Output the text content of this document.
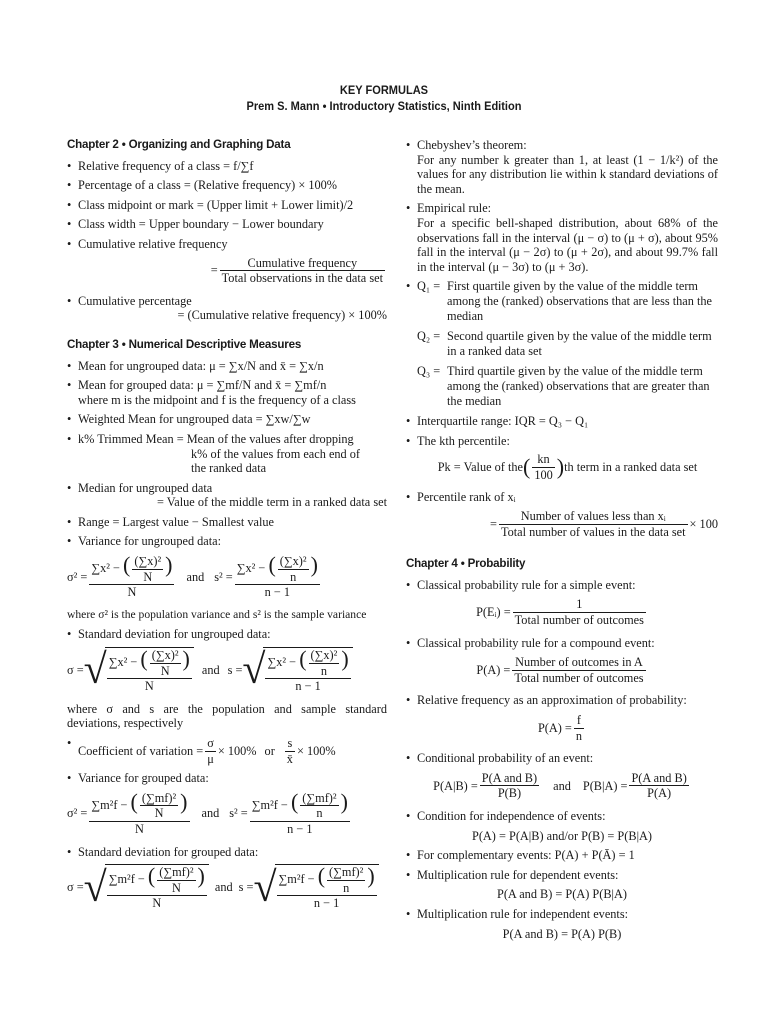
KEY FORMULAS
Prem S. Mann • Introductory Statistics, Ninth Edition
Chapter 2 • Organizing and Graphing Data
• Relative frequency of a class = f/∑f
• Percentage of a class = (Relative frequency) × 100%
• Class midpoint or mark = (Upper limit + Lower limit)/2
• Class width = Upper boundary − Lower boundary
• Cumulative relative frequency
= $\frac{\text{Cumulative frequency}}{\text{Total observations in the data set}}$
• Cumulative percentage
= (Cumulative relative frequency) × 100%
Chapter 3 • Numerical Descriptive Measures
• Mean for ungrouped data: μ = ∑x/N and x̄ = ∑x/n
• Mean for grouped data: μ = ∑mf/N and x̄ = ∑mf/n
where m is the midpoint and f is the frequency of a class
• Weighted Mean for ungrouped data = ∑xw/∑w
• k% Trimmed Mean = Mean of the values after dropping
k% of the values from each end of
the ranked data
• Median for ungrouped data
= Value of the middle term in a ranked data set
• Range = Largest value − Smallest value
• Variance for ungrouped data:
$\sigma^2 = \frac{\sum x^2 - ( \frac{\text{(∑x)²}}{N} )}{N}$ and $s^2 = \frac{\sum x^2 - ( \frac{\text{(∑x)²}}{n} )}{n - 1}$
where σ² is the population variance and s² is the sample variance
• Standard deviation for ungrouped data:
σ = √ $\frac{\sum x^2 - ( \frac{\text{(∑x)²}}{N} )}{N}$ and s = √ $\frac{\sum x^2 - ( \frac{\text{(∑x)²}}{n} )}{n - 1}$
where σ and s are the population and sample standard deviations, respectively
• Coefficient of variation = $\frac{\sigma}{\mu} \times 100\%$ or $\frac{s}{x̄} \times 100\%$
• Variance for grouped data:
$\sigma^2 = \frac{\sum m^2f - ( \frac{\text{(∑mf)²}}{N} )}{N}$ and $s^2 = \frac{\sum m^2f - ( \frac{\text{(∑mf)²}}{n} )}{n - 1}$
• Standard deviation for grouped data:
σ = √ $\frac{\sum m^2f - ( \frac{\text{(∑mf)²}}{N} )}{N}$ and s = √ $\frac{\sum m^2f - ( \frac{\text{(∑mf)²}}{n} )}{n - 1}$
• Chebyshev’s theorem:
For any number k greater than 1, at least (1 − 1/k²) of the values for any distribution lie within k standard deviations of the mean.
• Empirical rule:
For a specific bell-shaped distribution, about 68% of the observations fall in the interval (μ − σ) to (μ + σ), about 95% fall in the interval (μ − 2σ) to (μ + 2σ), and about 99.7% fall in the interval (μ − 3σ) to (μ + 3σ).
• Q₁ = First quartile given by the value of the middle term among the (ranked) observations that are less than the median
Q₂ = Second quartile given by the value of the middle term in a ranked data set
Q₃ = Third quartile given by the value of the middle term among the (ranked) observations that are greater than the median
• Interquartile range: IQR = Q₃ − Q₁
• The kth percentile:
Pk = Value of the ( $\frac{kn}{100}$ ) th term in a ranked data set
• Percentile rank of xᵢ
= $\frac{\text{Number of values less than xᵢ}}{\text{Total number of values in the data set}} \times 100$
Chapter 4 • Probability
• Classical probability rule for a simple event:
P(Eᵢ) = $\frac{1}{\text{Total number of outcomes}}$
• Classical probability rule for a compound event:
$P(A) = \frac{\text{Number of outcomes in A}}{\text{Total number of outcomes}}$
• Relative frequency as an approximation of probability:
$P(A) = \frac{f}{n}$
• Conditional probability of an event:
$P(A|B) = \frac{\text{P(A and B)}}{P(B)}$ and $P(B|A) = \frac{\text{P(A and B)}}{P(A)}$
• Condition for independence of events:
P(A) = P(A|B) and/or P(B) = P(B|A)
• For complementary events: P(A) + P(Ā) = 1
• Multiplication rule for dependent events:
P(A and B) = P(A) P(B|A)
• Multiplication rule for independent events:
P(A and B) = P(A) P(B)
